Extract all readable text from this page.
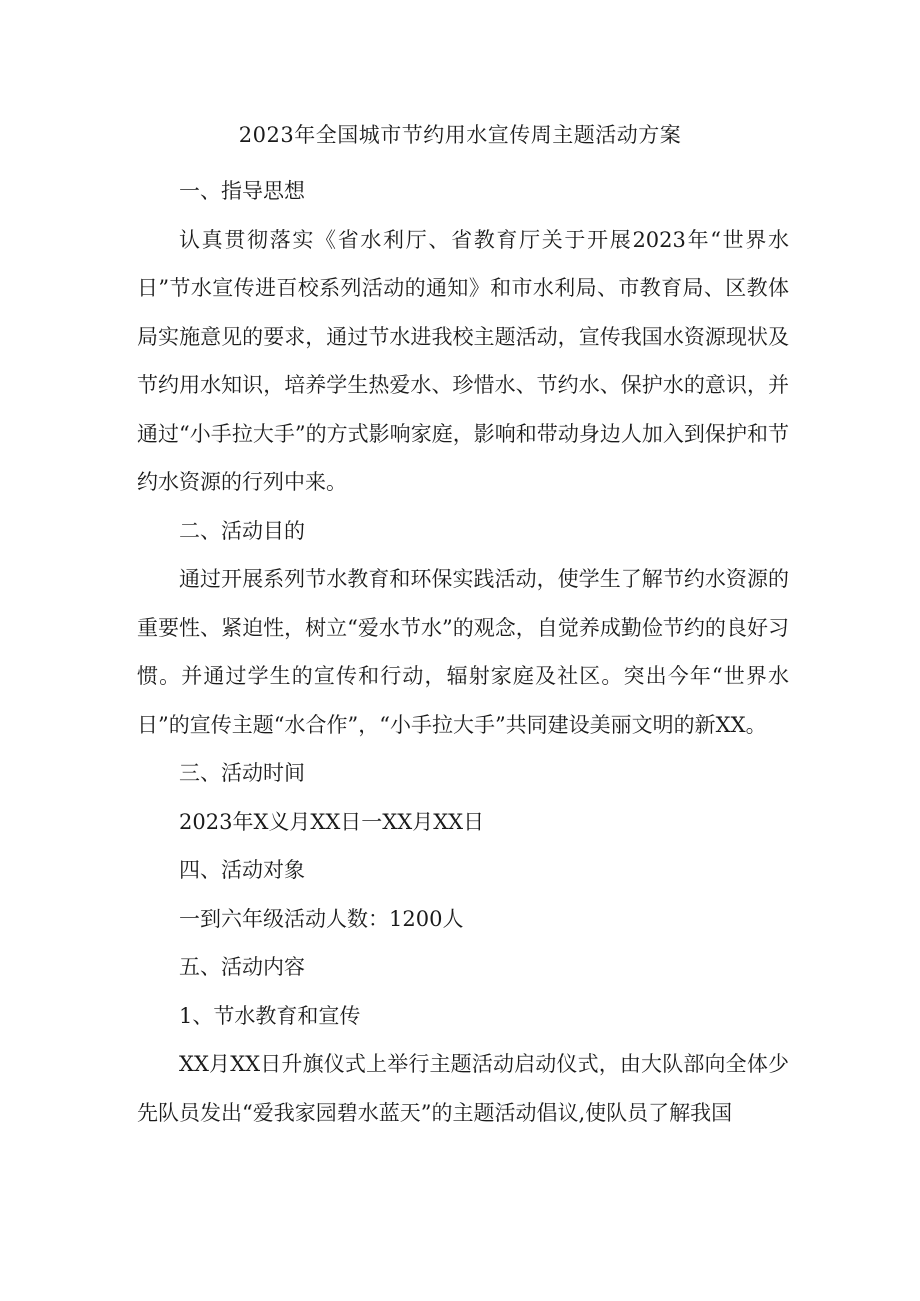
2023年全国城市节约用水宣传周主题活动方案

一、指导思想

认真贯彻落实《省水利厅、省教育厅关于开展2023年“世界水日”节水宣传进百校系列活动的通知》和市水利局、市教育局、区教体局实施意见的要求，通过节水进我校主题活动，宣传我国水资源现状及节约用水知识，培养学生热爱水、珍惜水、节约水、保护水的意识，并通过“小手拉大手”的方式影响家庭，影响和带动身边人加入到保护和节约水资源的行列中来。

二、活动目的

通过开展系列节水教育和环保实践活动，使学生了解节约水资源的重要性、紧迫性，树立“爱水节水”的观念，自觉养成勤俭节约的良好习惯。并通过学生的宣传和行动，辐射家庭及社区。突出今年“世界水日”的宣传主题“水合作”，“小手拉大手”共同建设美丽文明的新XX。

三、活动时间

2023年X义月XX日一XX月XX日

四、活动对象

一到六年级活动人数：1200人

五、活动内容

1、节水教育和宣传

XX月XX日升旗仪式上举行主题活动启动仪式，由大队部向全体少先队员发出“爱我家园碧水蓝天”的主题活动倡议,使队员了解我国
